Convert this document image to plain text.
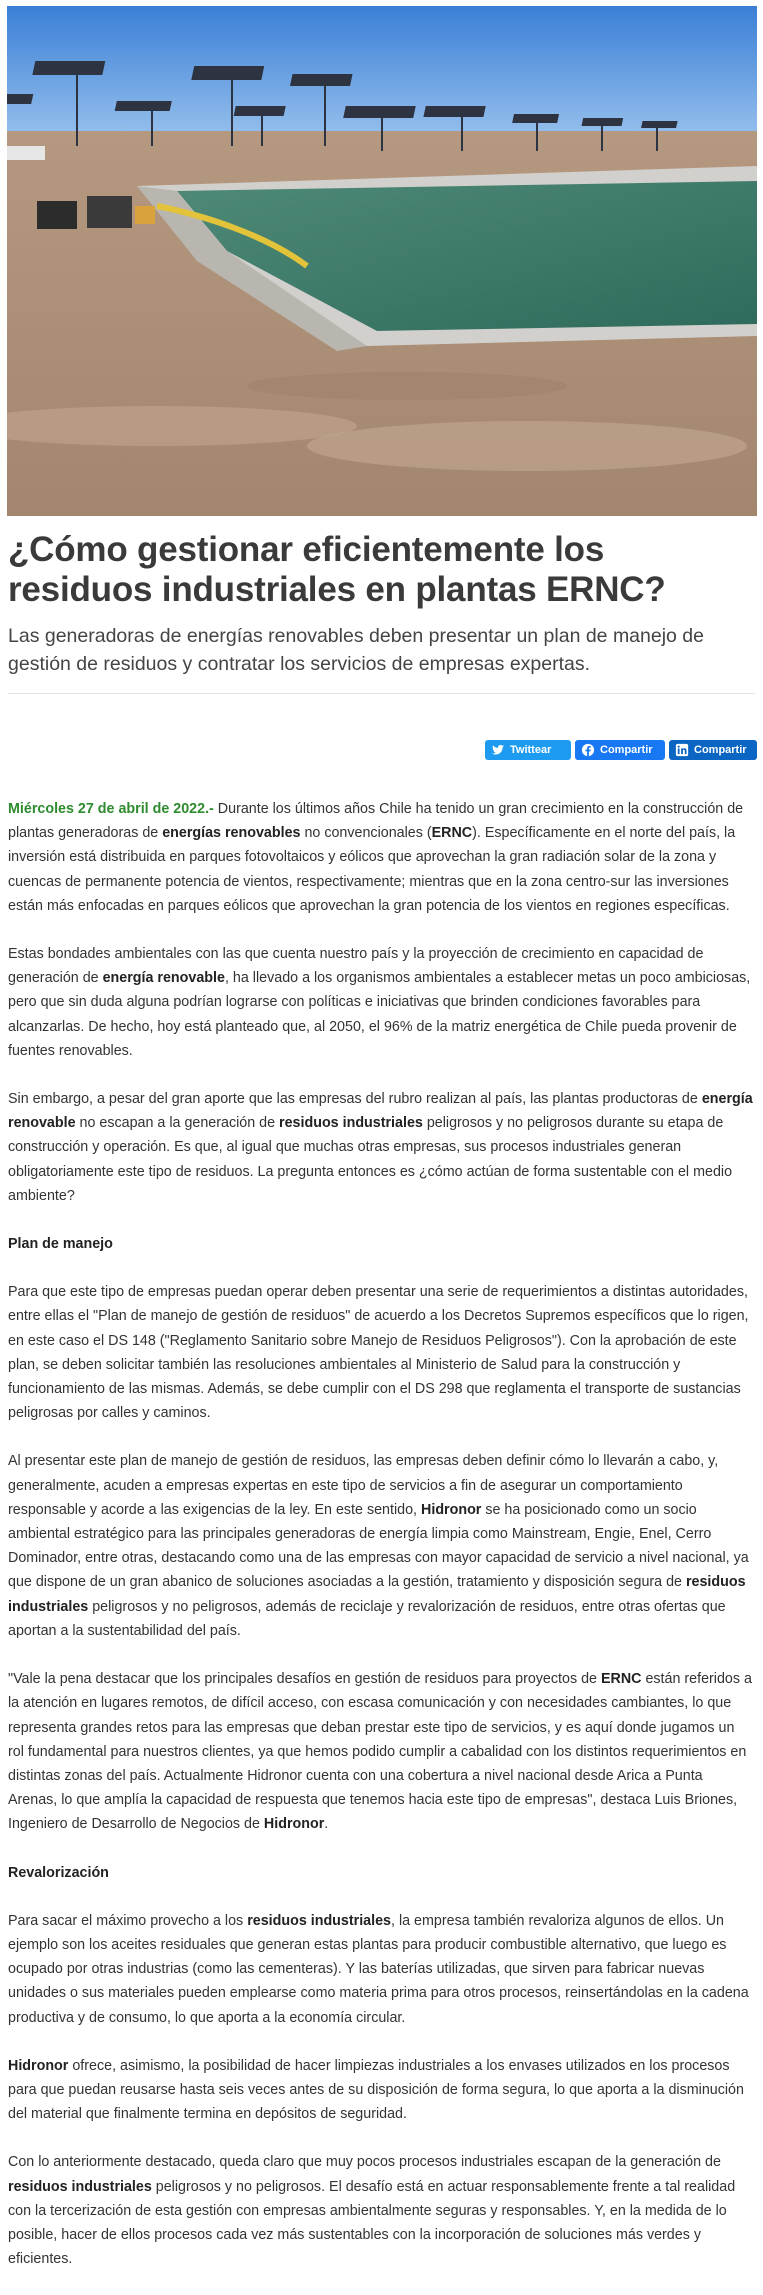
¿Cómo gestionar eficientemente los residuos industriales en plantas ERNC?

Las generadoras de energías renovables deben presentar un plan de manejo de gestión de residuos y contratar los servicios de empresas expertas.

Twittear	Compartir	Compartir

Miércoles 27 de abril de 2022.- Durante los últimos años Chile ha tenido un gran crecimiento en la construcción de plantas generadoras de energías renovables no convencionales (ERNC). Específicamente en el norte del país, la inversión está distribuida en parques fotovoltaicos y eólicos que aprovechan la gran radiación solar de la zona y cuencas de permanente potencia de vientos, respectivamente; mientras que en la zona centro-sur las inversiones están más enfocadas en parques eólicos que aprovechan la gran potencia de los vientos en regiones específicas.

Estas bondades ambientales con las que cuenta nuestro país y la proyección de crecimiento en capacidad de generación de energía renovable, ha llevado a los organismos ambientales a establecer metas un poco ambiciosas, pero que sin duda alguna podrían lograrse con políticas e iniciativas que brinden condiciones favorables para alcanzarlas. De hecho, hoy está planteado que, al 2050, el 96% de la matriz energética de Chile pueda provenir de fuentes renovables.

Sin embargo, a pesar del gran aporte que las empresas del rubro realizan al país, las plantas productoras de energía renovable no escapan a la generación de residuos industriales peligrosos y no peligrosos durante su etapa de construcción y operación. Es que, al igual que muchas otras empresas, sus procesos industriales generan obligatoriamente este tipo de residuos. La pregunta entonces es ¿cómo actúan de forma sustentable con el medio ambiente?

Plan de manejo

Para que este tipo de empresas puedan operar deben presentar una serie de requerimientos a distintas autoridades, entre ellas el "Plan de manejo de gestión de residuos" de acuerdo a los Decretos Supremos específicos que lo rigen, en este caso el DS 148 ("Reglamento Sanitario sobre Manejo de Residuos Peligrosos"). Con la aprobación de este plan, se deben solicitar también las resoluciones ambientales al Ministerio de Salud para la construcción y funcionamiento de las mismas. Además, se debe cumplir con el DS 298 que reglamenta el transporte de sustancias peligrosas por calles y caminos.

Al presentar este plan de manejo de gestión de residuos, las empresas deben definir cómo lo llevarán a cabo, y, generalmente, acuden a empresas expertas en este tipo de servicios a fin de asegurar un comportamiento responsable y acorde a las exigencias de la ley. En este sentido, Hidronor se ha posicionado como un socio ambiental estratégico para las principales generadoras de energía limpia como Mainstream, Engie, Enel, Cerro Dominador, entre otras, destacando como una de las empresas con mayor capacidad de servicio a nivel nacional, ya que dispone de un gran abanico de soluciones asociadas a la gestión, tratamiento y disposición segura de residuos industriales peligrosos y no peligrosos, además de reciclaje y revalorización de residuos, entre otras ofertas que aportan a la sustentabilidad del país.

"Vale la pena destacar que los principales desafíos en gestión de residuos para proyectos de ERNC están referidos a la atención en lugares remotos, de difícil acceso, con escasa comunicación y con necesidades cambiantes, lo que representa grandes retos para las empresas que deban prestar este tipo de servicios, y es aquí donde jugamos un rol fundamental para nuestros clientes, ya que hemos podido cumplir a cabalidad con los distintos requerimientos en distintas zonas del país. Actualmente Hidronor cuenta con una cobertura a nivel nacional desde Arica a Punta Arenas, lo que amplía la capacidad de respuesta que tenemos hacia este tipo de empresas", destaca Luis Briones, Ingeniero de Desarrollo de Negocios de Hidronor.

Revalorización

Para sacar el máximo provecho a los residuos industriales, la empresa también revaloriza algunos de ellos. Un ejemplo son los aceites residuales que generan estas plantas para producir combustible alternativo, que luego es ocupado por otras industrias (como las cementeras). Y las baterías utilizadas, que sirven para fabricar nuevas unidades o sus materiales pueden emplearse como materia prima para otros procesos, reinsertándolas en la cadena productiva y de consumo, lo que aporta a la economía circular.

Hidronor ofrece, asimismo, la posibilidad de hacer limpiezas industriales a los envases utilizados en los procesos para que puedan reusarse hasta seis veces antes de su disposición de forma segura, lo que aporta a la disminución del material que finalmente termina en depósitos de seguridad.

Con lo anteriormente destacado, queda claro que muy pocos procesos industriales escapan de la generación de residuos industriales peligrosos y no peligrosos. El desafío está en actuar responsablemente frente a tal realidad con la tercerización de esta gestión con empresas ambientalmente seguras y responsables. Y, en la medida de lo posible, hacer de ellos procesos cada vez más sustentables con la incorporación de soluciones más verdes y eficientes.
